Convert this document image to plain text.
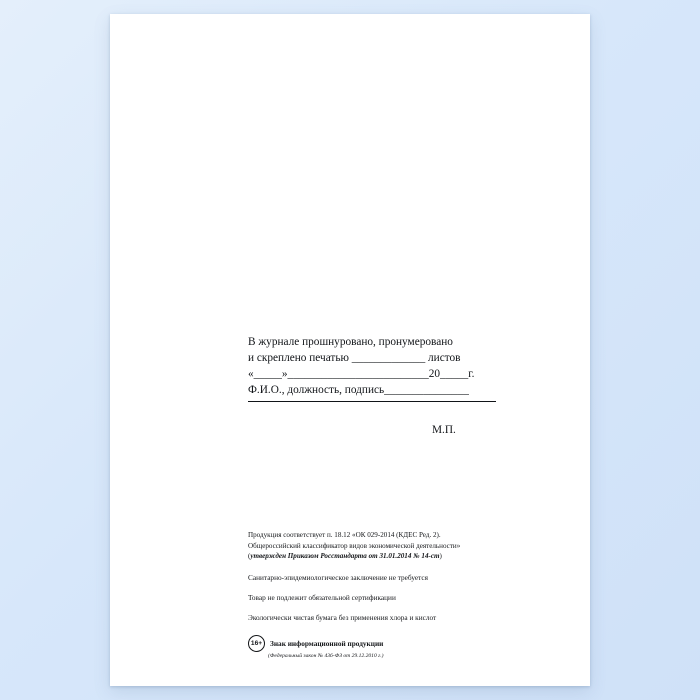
В журнале прошнуровано, пронумеровано
и скреплено печатью _____________ листов
«_____»_________________________20_____г.
Ф.И.О., должность, подпись_______________
М.П.
Продукция соответствует п. 18.12 «ОК 029-2014 (КДЕС Ред. 2).
Общероссийский классификатор видов экономической деятельности»
(утвержден Приказом Росстандарта от 31.01.2014 № 14-ст)
Санитарно-эпидемиологическое заключение не требуется
Товар не подлежит обязательной сертификации
Экологически чистая бумага без применения хлора и кислот
16+	Знак информационной продукции
(Федеральный закон № 436-ФЗ от 29.12.2010 г.)
